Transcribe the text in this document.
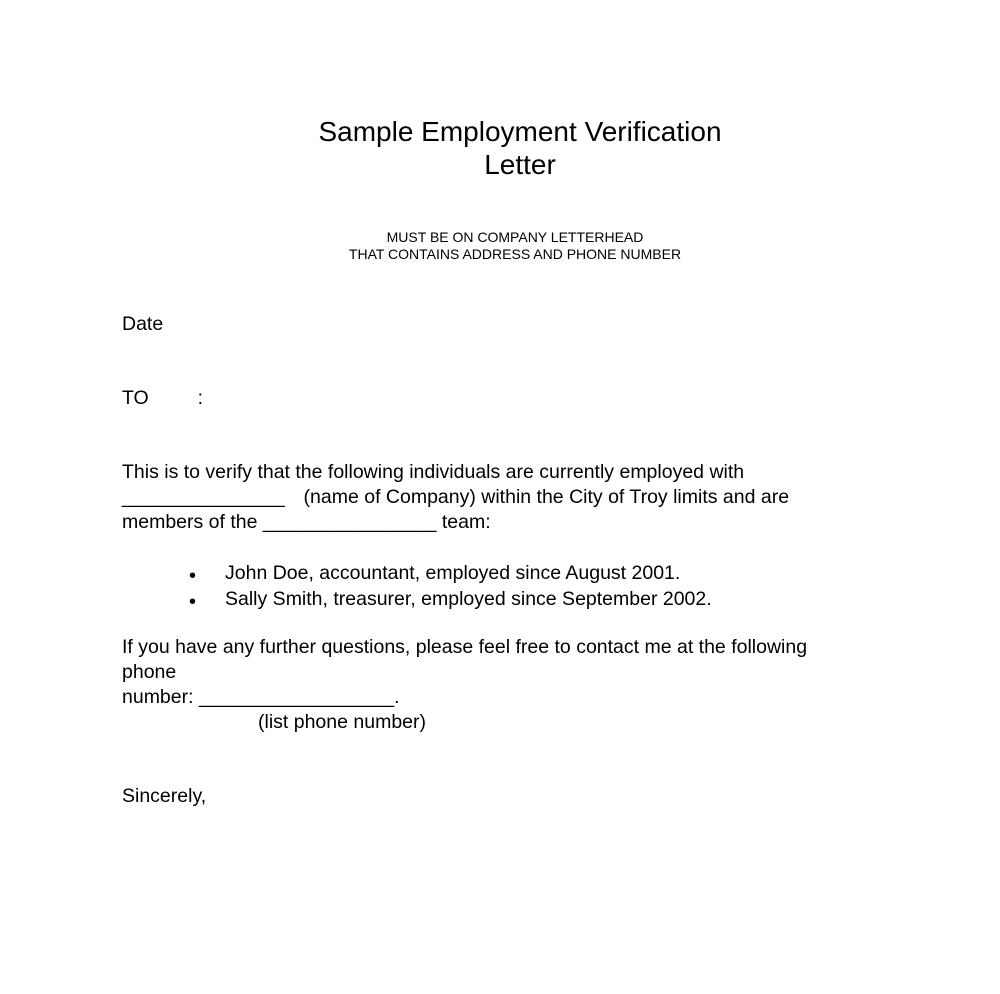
Sample Employment Verification
Letter
MUST BE ON COMPANY LETTERHEAD
THAT CONTAINS ADDRESS AND PHONE NUMBER
Date
TO	:
This is to verify that the following individuals are currently employed with
_______________ (name of Company) within the City of Troy limits and are
members of the ________________ team:
• John Doe, accountant, employed since August 2001.
• Sally Smith, treasurer, employed since September 2002.
If you have any further questions, please feel free to contact me at the following
phone
number: __________________.
(list phone number)
Sincerely,
